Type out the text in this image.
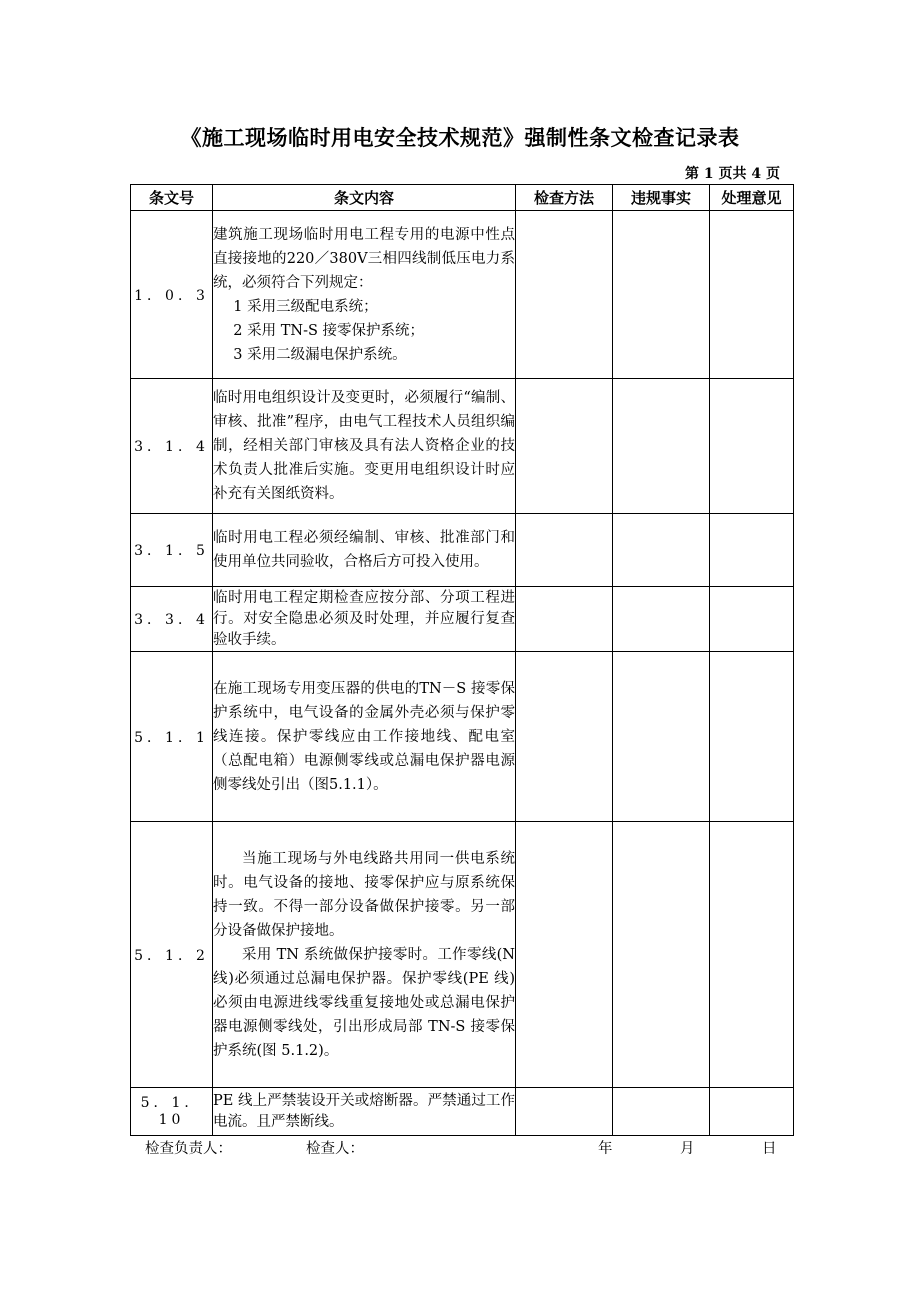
《施工现场临时用电安全技术规范》强制性条文检查记录表
第 1 页共 4 页
条文号	条文内容	检查方法	违规事实	处理意见
1．0．3	建筑施工现场临时用电工程专用的电源中性点直接接地的220／380V三相四线制低压电力系统，必须符合下列规定：

1 采用三级配电系统；

2 采用 TN-S 接零保护系统；

3 采用二级漏电保护系统。			

3．1．4	临时用电组织设计及变更时，必须履行“编制、审核、批准”程序，由电气工程技术人员组织编制，经相关部门审核及具有法人资格企业的技术负责人批准后实施。变更用电组织设计时应补充有关图纸资料。			

3．1．5	临时用电工程必须经编制、审核、批准部门和使用单位共同验收，合格后方可投入使用。			

3．3．4	临时用电工程定期检查应按分部、分项工程进行。对安全隐患必须及时处理，并应履行复查验收手续。			

5．1．1	在施工现场专用变压器的供电的TN－S 接零保护系统中，电气设备的金属外壳必须与保护零线连接。保护零线应由工作接地线、配电室（总配电箱）电源侧零线或总漏电保护器电源侧零线处引出（图5.1.1）。			

5．1．2	当施工现场与外电线路共用同一供电系统时。电气设备的接地、接零保护应与原系统保持一致。不得一部分设备做保护接零。另一部分设备做保护接地。

采用 TN 系统做保护接零时。工作零线(N 线)必须通过总漏电保护器。保护零线(PE 线)必须由电源进线零线重复接地处或总漏电保护器电源侧零线处，引出形成局部 TN-S 接零保护系统(图 5.1.2)。			

5．1．10	PE 线上严禁装设开关或熔断器。严禁通过工作电流。且严禁断线。			

检查负责人：	检查人：	年	月	日
